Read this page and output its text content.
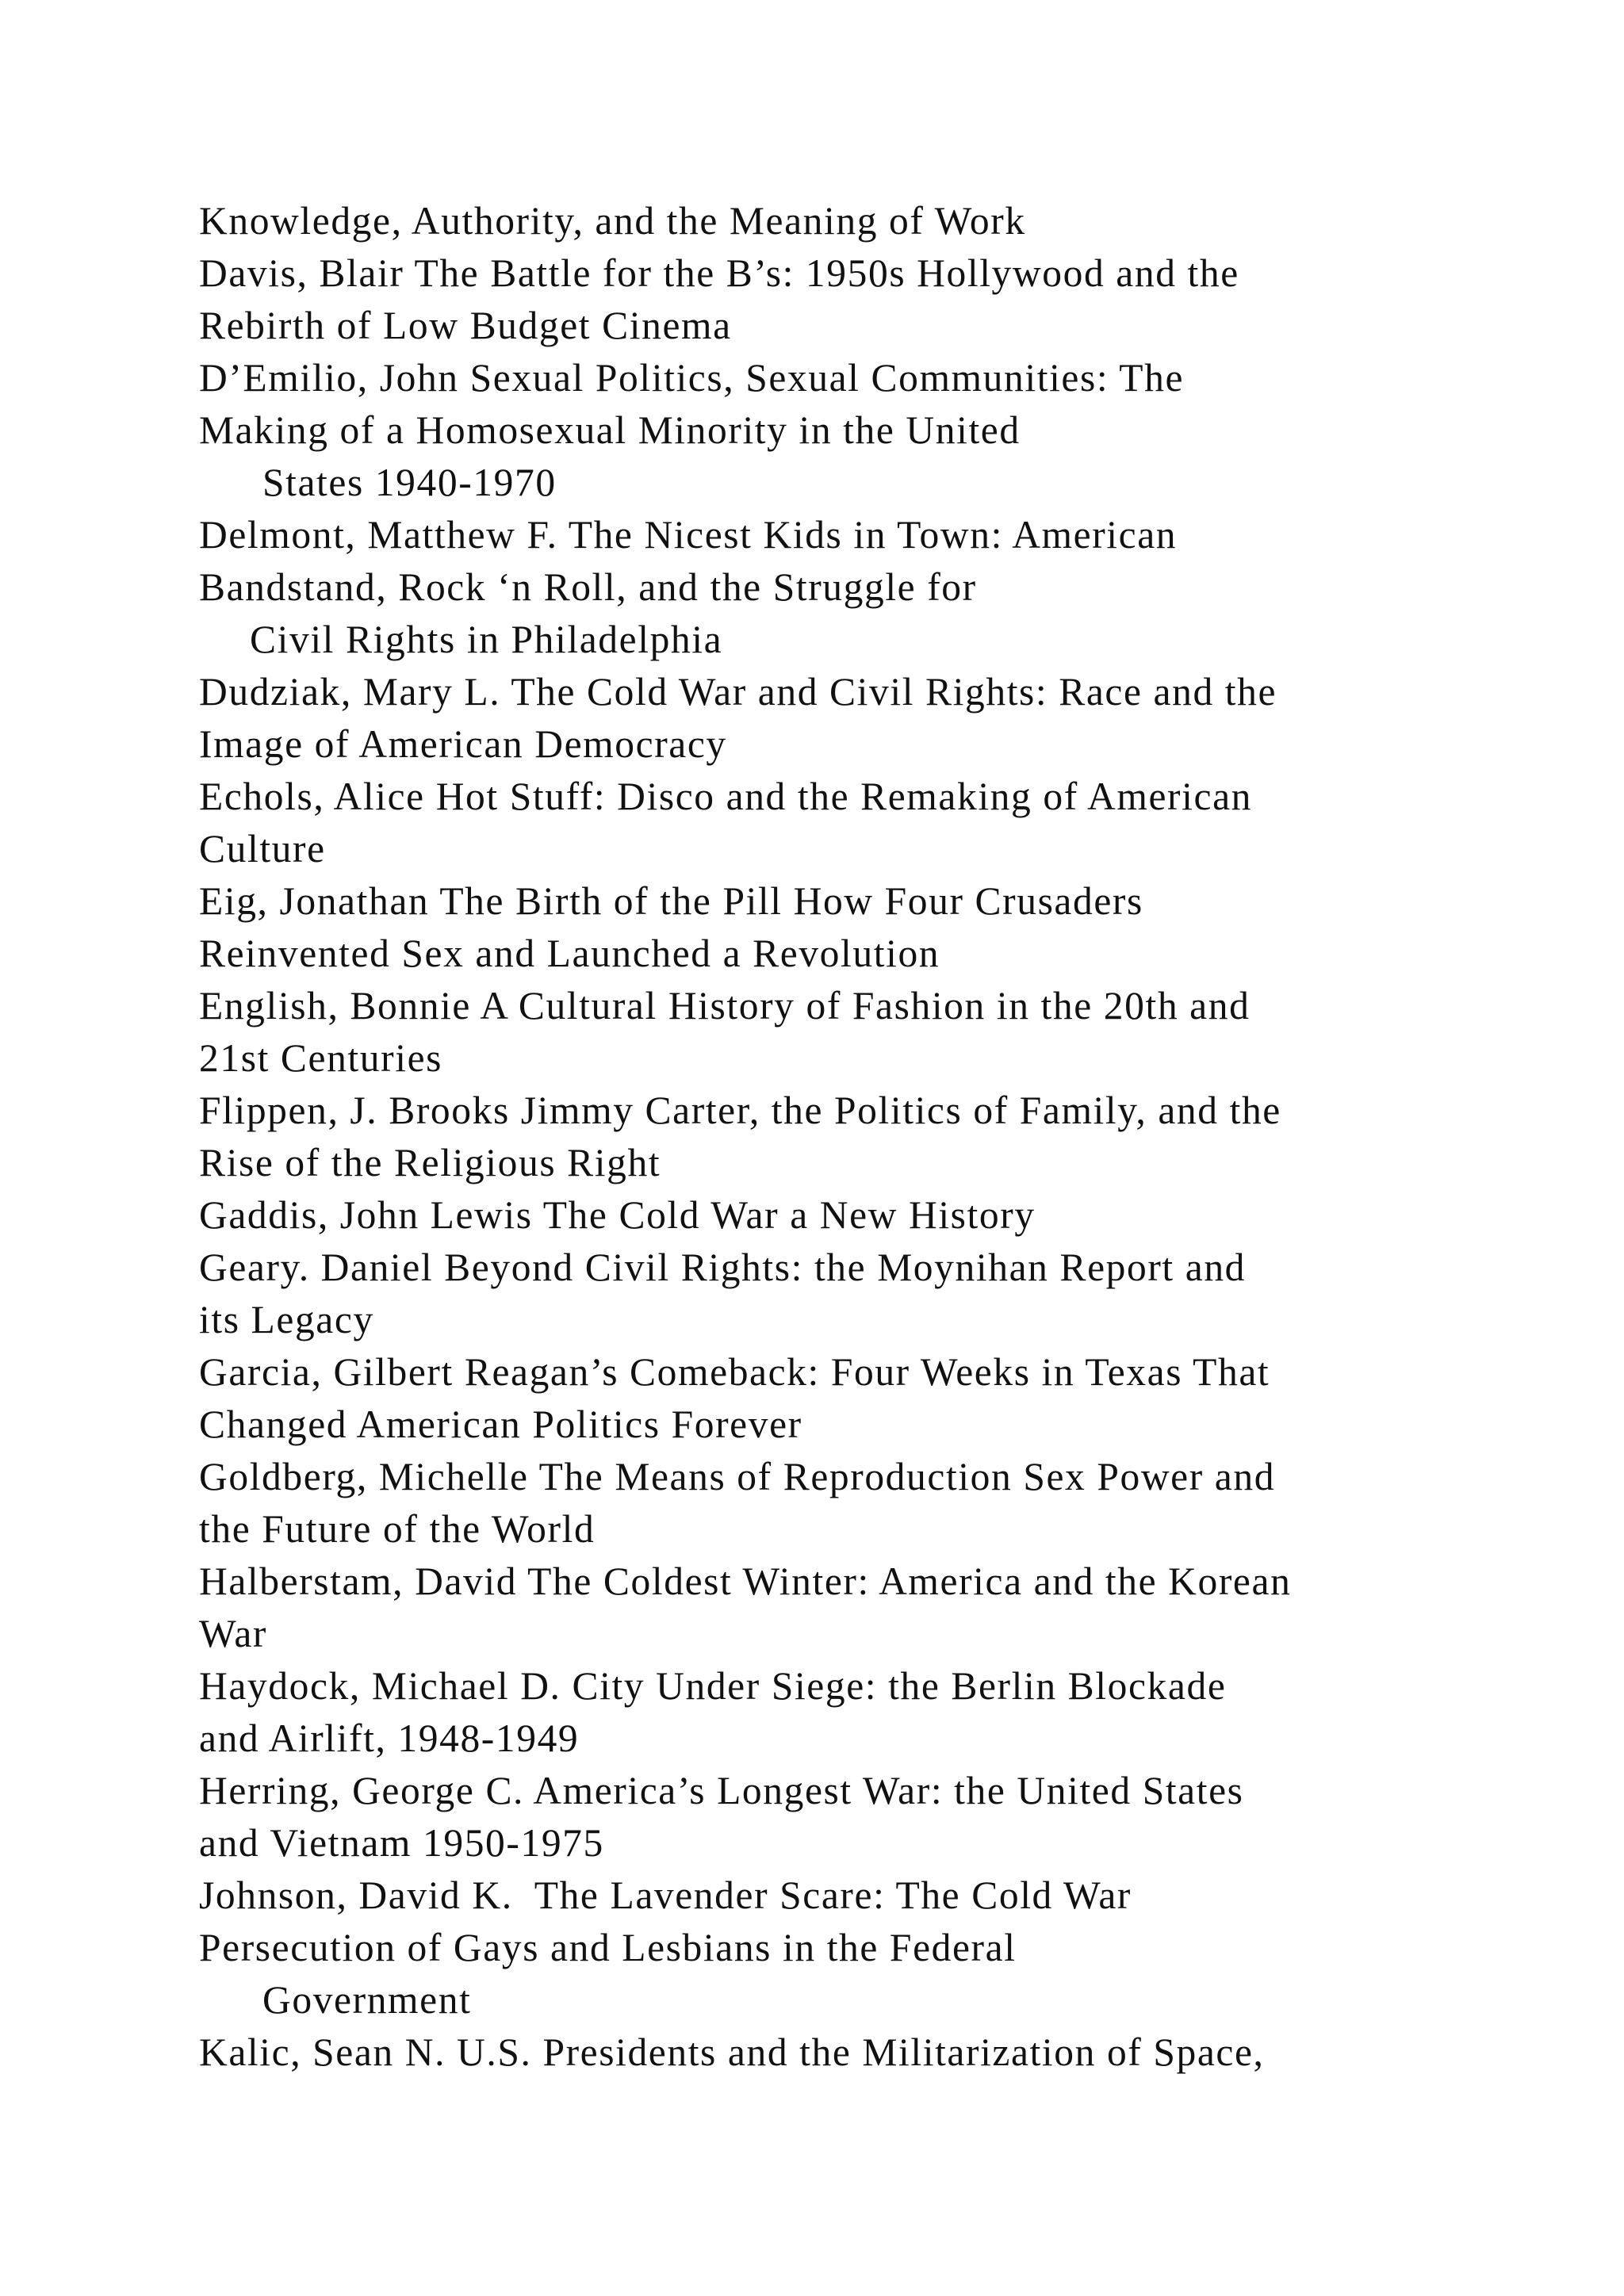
Knowledge, Authority, and the Meaning of Work
Davis, Blair The Battle for the B’s: 1950s Hollywood and the
Rebirth of Low Budget Cinema
D’Emilio, John Sexual Politics, Sexual Communities: The
Making of a Homosexual Minority in the United
States 1940-1970
Delmont, Matthew F. The Nicest Kids in Town: American
Bandstand, Rock ‘n Roll, and the Struggle for
Civil Rights in Philadelphia
Dudziak, Mary L. The Cold War and Civil Rights: Race and the
Image of American Democracy
Echols, Alice Hot Stuff: Disco and the Remaking of American
Culture
Eig, Jonathan The Birth of the Pill How Four Crusaders
Reinvented Sex and Launched a Revolution
English, Bonnie A Cultural History of Fashion in the 20th and
21st Centuries
Flippen, J. Brooks Jimmy Carter, the Politics of Family, and the
Rise of the Religious Right
Gaddis, John Lewis The Cold War a New History
Geary. Daniel Beyond Civil Rights: the Moynihan Report and
its Legacy
Garcia, Gilbert Reagan’s Comeback: Four Weeks in Texas That
Changed American Politics Forever
Goldberg, Michelle The Means of Reproduction Sex Power and
the Future of the World
Halberstam, David The Coldest Winter: America and the Korean
War
Haydock, Michael D. City Under Siege: the Berlin Blockade
and Airlift, 1948-1949
Herring, George C. America’s Longest War: the United States
and Vietnam 1950-1975
Johnson, David K.  The Lavender Scare: The Cold War
Persecution of Gays and Lesbians in the Federal
Government
Kalic, Sean N. U.S. Presidents and the Militarization of Space,
